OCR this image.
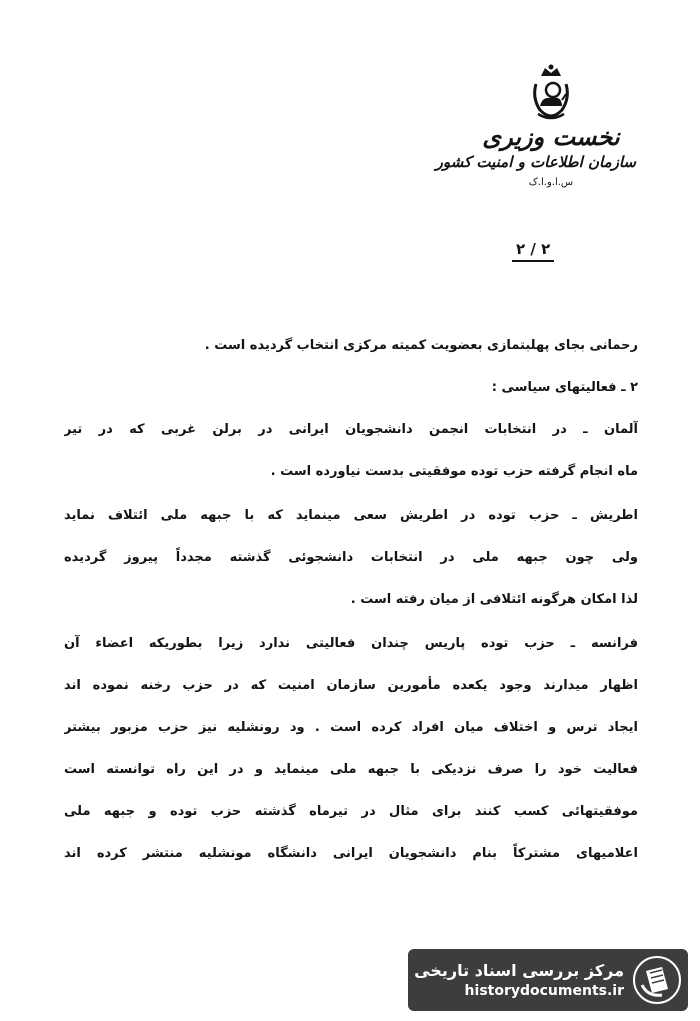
نخست وزیری
سازمان اطلاعات و امنیت کشور
س.ا.و.ا.ک
۲ / ۲
رحمانی بجای پهلبتمازی بعضویت کمیته مرکزی انتخاب گردیده است .
۲ ـ فعالیتهای سیاسی :
آلمان ـ در انتخابات انجمن دانشجویان ایرانی در برلن غربی که در تیر
ماه انجام گرفته حزب توده موفقیتی بدست نیاورده است .
اطریش ـ حزب توده در اطریش سعی مینماید که با جبهه ملی ائتلاف نماید
ولی چون جبهه ملی در انتخابات دانشجوئی گذشته مجدداً پیروز گردیده
لذا امکان هرگونه ائتلافی از میان رفته است .
فرانسه ـ حزب توده پاریس چندان فعالیتی ندارد زیرا بطوریکه اعضاء آن
اظهار میدارند وجود یکعده مأمورین سازمان امنیت که در حزب رخنه نموده اند
ایجاد ترس و اختلاف میان افراد کرده است . ود رونشلیه نیز حزب مزبور بیشتر
فعالیت خود را صرف نزدیکی با جبهه ملی مینماید و در این راه توانسته است
موفقیتهائی کسب کنند برای مثال در تیرماه گذشته حزب توده و جبهه ملی
اعلامیهای مشترکاً بنام دانشجویان ایرانی دانشگاه مونشلیه منتشر کرده اند
مرکز بررسی اسناد تاریخی
historydocuments.ir
